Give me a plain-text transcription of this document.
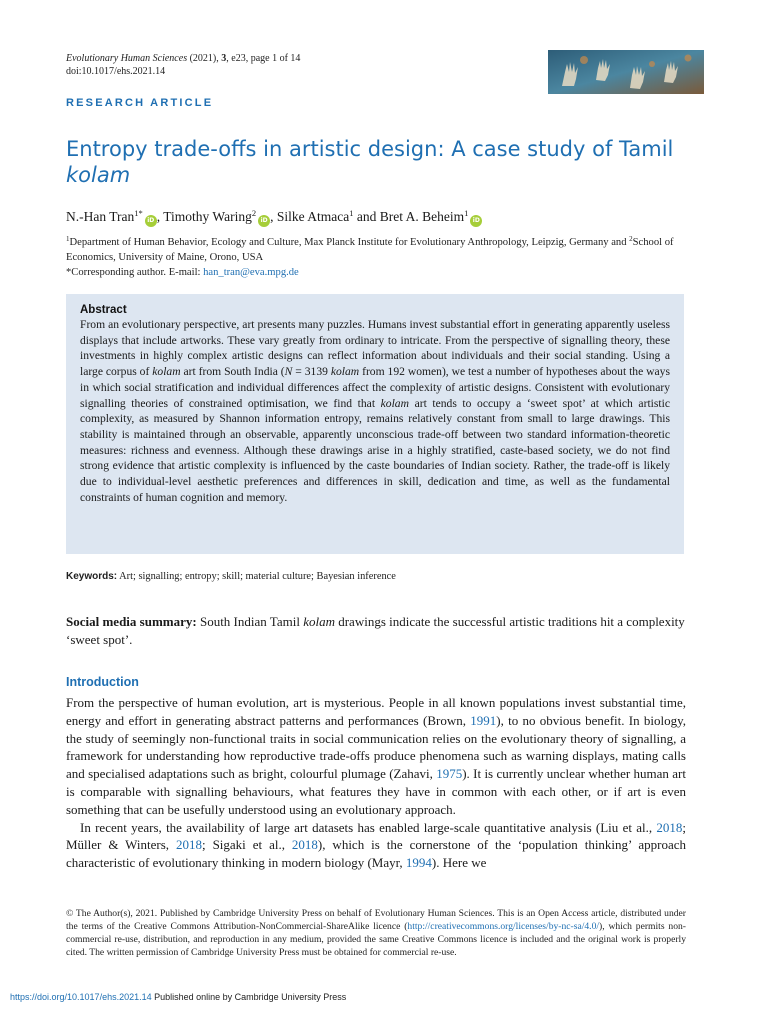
Evolutionary Human Sciences (2021), 3, e23, page 1 of 14
doi:10.1017/ehs.2021.14
RESEARCH ARTICLE
Entropy trade-offs in artistic design: A case study of Tamil kolam
N.-Han Tran$^{1*}$iD , Timothy Waring$^2$iD , Silke Atmaca$^1$ and Bret A. Beheim$^1$iD
$^1$Department of Human Behavior, Ecology and Culture, Max Planck Institute for Evolutionary Anthropology, Leipzig, Germany and $^2$School of Economics, University of Maine, Orono, USA
*Corresponding author. E-mail: han_tran@eva.mpg.de
Abstract
From an evolutionary perspective, art presents many puzzles. Humans invest substantial effort in generating apparently useless displays that include artworks. These vary greatly from ordinary to intricate. From the perspective of signalling theory, these investments in highly complex artistic designs can reflect information about individuals and their social standing. Using a large corpus of kolam art from South India (N = 3139 kolam from 192 women), we test a number of hypotheses about the ways in which social stratification and individual differences affect the complexity of artistic designs. Consistent with evolutionary signalling theories of constrained optimisation, we find that kolam art tends to occupy a ‘sweet spot’ at which artistic complexity, as measured by Shannon information entropy, remains relatively constant from small to large drawings. This stability is maintained through an observable, apparently unconscious trade-off between two standard information-theoretic measures: richness and evenness. Although these drawings arise in a highly stratified, caste-based society, we do not find strong evidence that artistic complexity is influenced by the caste boundaries of Indian society. Rather, the trade-off is likely due to individual-level aesthetic preferences and differences in skill, dedication and time, as well as the fundamental constraints of human cognition and memory.
Keywords: Art; signalling; entropy; skill; material culture; Bayesian inference
Social media summary: South Indian Tamil kolam drawings indicate the successful artistic traditions hit a complexity ‘sweet spot’.
Introduction

From the perspective of human evolution, art is mysterious. People in all known populations invest substantial time, energy and effort in generating abstract patterns and performances (Brown, 1991), to no obvious benefit. In biology, the study of seemingly non-functional traits in social communication relies on the evolutionary theory of signalling, a framework for understanding how reproductive trade-offs produce phenomena such as warning displays, mating calls and specialised adaptations such as bright, colourful plumage (Zahavi, 1975). It is currently unclear whether human art is comparable with signalling behaviours, what features they have in common with each other, or if art is even something that can be usefully understood using an evolutionary approach.

In recent years, the availability of large art datasets has enabled large-scale quantitative analysis (Liu et al., 2018; Müller & Winters, 2018; Sigaki et al., 2018), which is the cornerstone of the ‘population thinking’ approach characteristic of evolutionary thinking in modern biology (Mayr, 1994). Here we

© The Author(s), 2021. Published by Cambridge University Press on behalf of Evolutionary Human Sciences. This is an Open Access article, distributed under the terms of the Creative Commons Attribution-NonCommercial-ShareAlike licence (http://creativecommons.org/licenses/by-nc-sa/4.0/), which permits non-commercial re-use, distribution, and reproduction in any medium, provided the same Creative Commons licence is included and the original work is properly cited. The written permission of Cambridge University Press must be obtained for commercial re-use.
https://doi.org/10.1017/ehs.2021.14 Published online by Cambridge University Press
